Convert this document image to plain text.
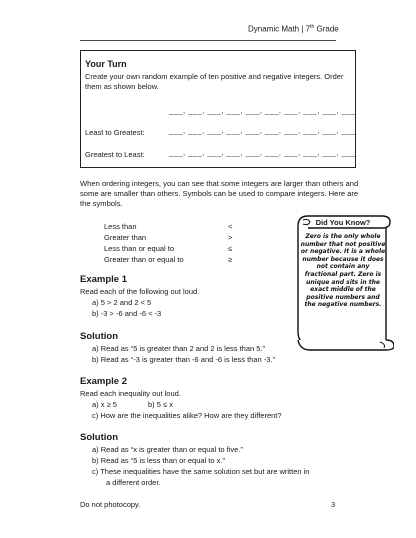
Dynamic Math | 7th Grade
Your Turn
Create your own random example of ten positive and negative integers. Order them as shown below.
___, ___, ___, ___, ___, ___, ___, ___, ___, ___
Least to Greatest:	___, ___, ___, ___, ___, ___, ___, ___, ___, ___
Greatest to Least:	___, ___, ___, ___, ___, ___, ___, ___, ___, ___
When ordering integers, you can see that some integers are larger than others and some are smaller than others. Symbols can be used to compare integers. Here are the symbols.
Less than	<
Greater than	>
Less than or equal to	≤
Greater than or equal to	≥
Example 1
Read each of the following out loud.
a) 5 > 2 and 2 < 5
b) -3 > -6 and -6 < -3
Solution
a) Read as “5 is greater than 2 and 2 is less than 5.”
b) Read as “-3 is greater than -6 and -6 is less than -3.”
Example 2
Read each inequality out loud.
a) x ≥ 5	b) 5 ≤ x
c) How are the inequalities alike? How are they different?
Solution
a) Read as “x is greater than or equal to five.”
b) Read as “5 is less than or equal to x.”
c) These inequalities have the same solution set but are written in
a different order.
Did You Know?
Zero is the only whole number that not positive or negative. It is a whole number because it does not contain any fractional part. Zero is unique and sits in the exact middle of the positive numbers and the negative numbers.
Do not photocopy.	3
